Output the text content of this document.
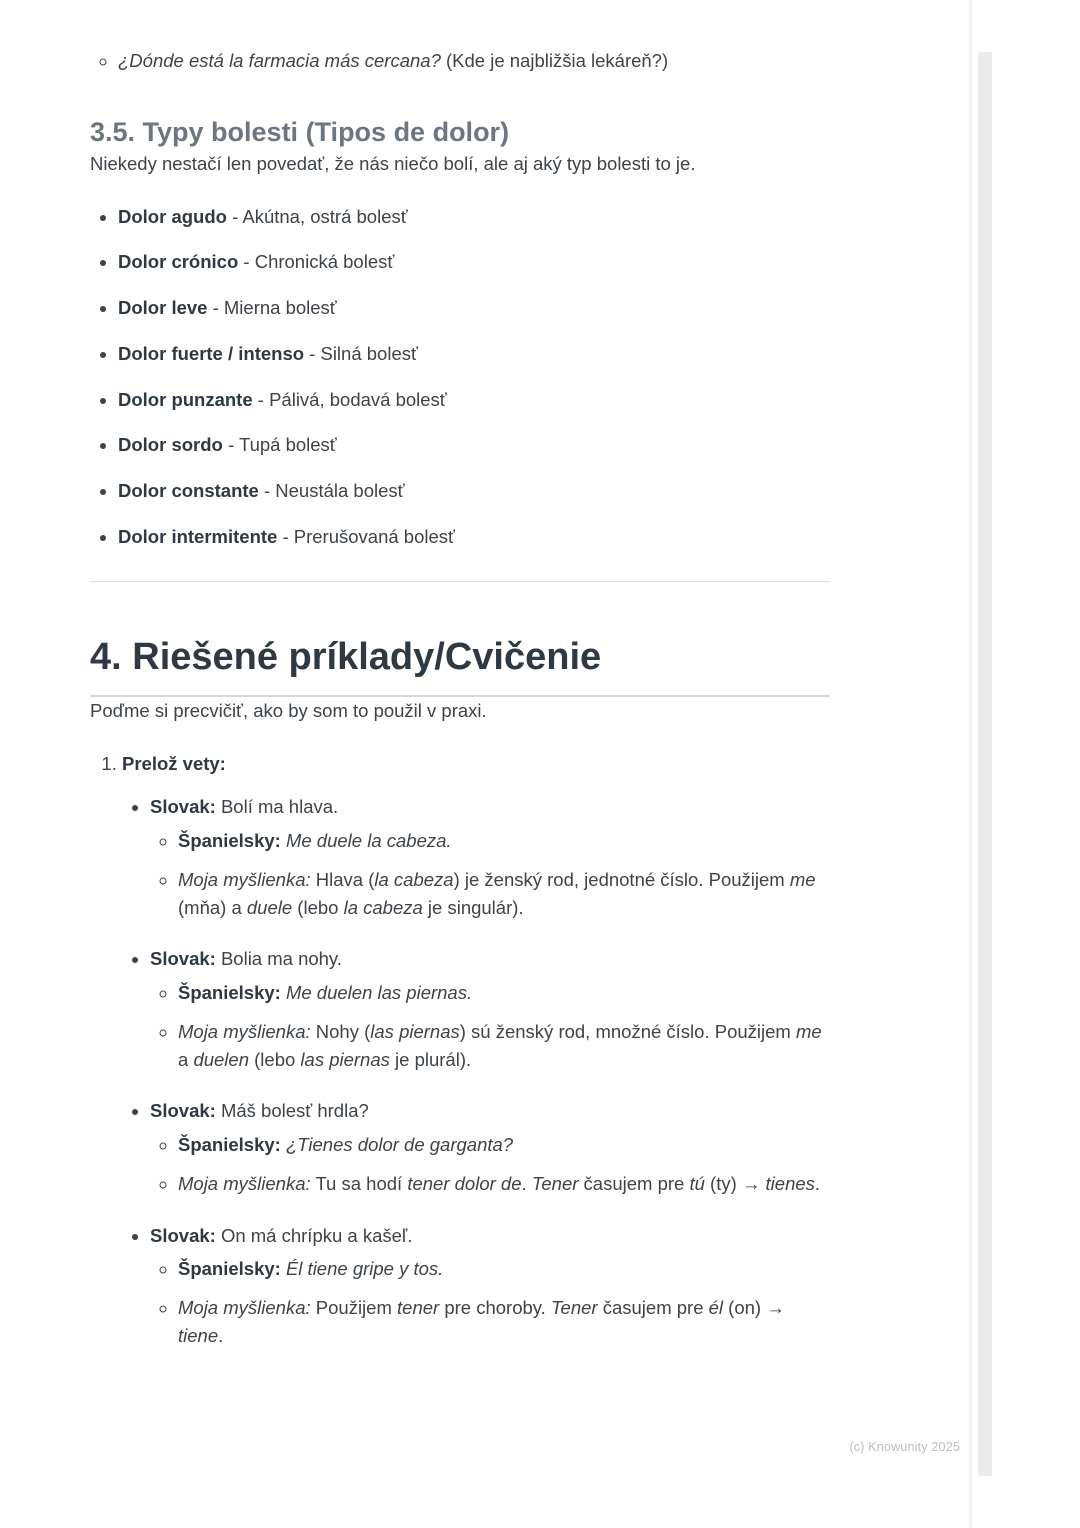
◦ ¿Dónde está la farmacia más cercana? (Kde je najbližšia lekáreň?)
3.5. Typy bolesti (Tipos de dolor)

Niekedy nestačí len povedať, že nás niečo bolí, ale aj aký typ bolesti to je.

• Dolor agudo - Akútna, ostrá bolesť
• Dolor crónico - Chronická bolesť
• Dolor leve - Mierna bolesť
• Dolor fuerte / intenso - Silná bolesť
• Dolor punzante - Pálivá, bodavá bolesť
• Dolor sordo - Tupá bolesť
• Dolor constante - Neustála bolesť
• Dolor intermitente - Prerušovaná bolesť
4. Riešené príklady/Cvičenie

Poďme si precvičiť, ako by som to použil v praxi.

1. Prelož vety:
• Slovak: Bolí ma hlava.
◦ Španielsky: Me duele la cabeza.
◦ Moja myšlienka: Hlava (la cabeza) je ženský rod, jednotné číslo. Použijem me (mňa) a duele (lebo la cabeza je singulár).
• Slovak: Bolia ma nohy.
◦ Španielsky: Me duelen las piernas.
◦ Moja myšlienka: Nohy (las piernas) sú ženský rod, množné číslo. Použijem me a duelen (lebo las piernas je plurál).
• Slovak: Máš bolesť hrdla?
◦ Španielsky: ¿Tienes dolor de garganta?
◦ Moja myšlienka: Tu sa hodí tener dolor de. Tener časujem pre tú (ty) → tienes.
• Slovak: On má chrípku a kašeľ.
◦ Španielsky: Él tiene gripe y tos.
◦ Moja myšlienka: Použijem tener pre choroby. Tener časujem pre él (on) → tiene.
(c) Knowunity 2025
